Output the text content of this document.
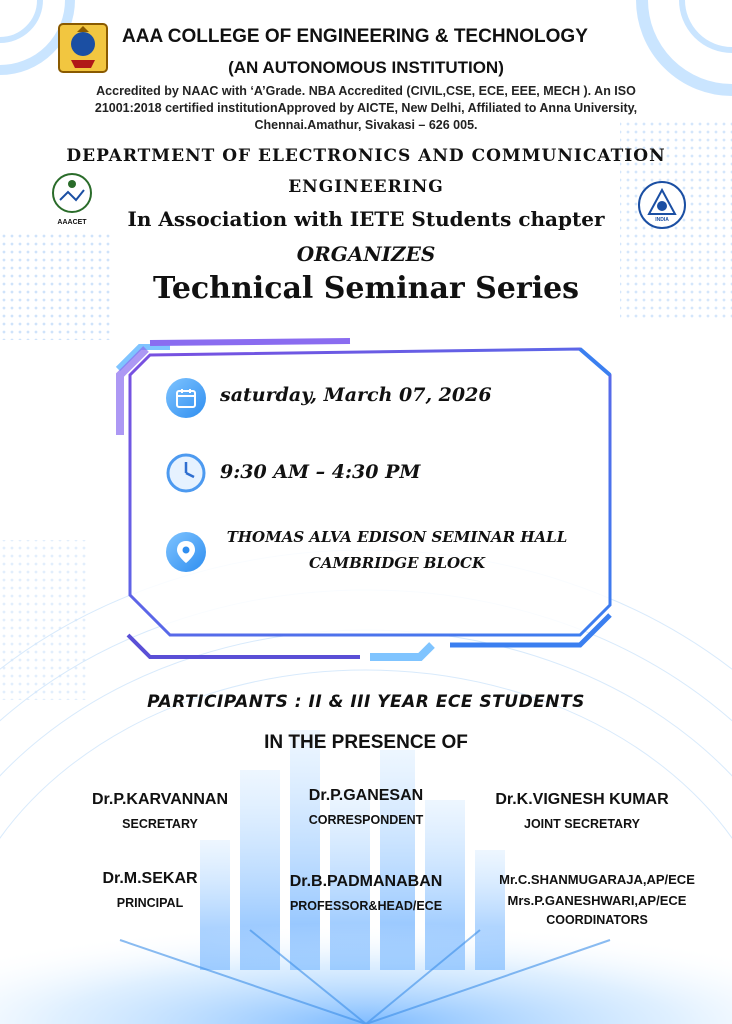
AAA COLLEGE OF ENGINEERING & TECHNOLOGY
(AN AUTONOMOUS INSTITUTION)
Accredited by NAAC with ‘A’Grade. NBA Accredited (CIVIL,CSE, ECE, EEE, MECH ). An ISO
21001:2018 certified institutionApproved by AICTE, New Delhi, Affiliated to Anna University,
Chennai.Amathur, Sivakasi – 626 005.
DEPARTMENT OF ELECTRONICS AND COMMUNICATION
ENGINEERING
AAACET	INDIA
In Association with IETE Students chapter
ORGANIZES
Technical Seminar Series
saturday, March 07, 2026
9:30 AM – 4:30 PM
THOMAS ALVA EDISON SEMINAR HALL
CAMBRIDGE BLOCK
PARTICIPANTS : II & III YEAR ECE STUDENTS
IN THE PRESENCE OF
Dr.P.KARVANNAN
SECRETARY
Dr.P.GANESAN
CORRESPONDENT
Dr.K.VIGNESH KUMAR
JOINT SECRETARY
Dr.M.SEKAR
PRINCIPAL
Dr.B.PADMANABAN
PROFESSOR&HEAD/ECE
Mr.C.SHANMUGARAJA,AP/ECE
Mrs.P.GANESHWARI,AP/ECE
COORDINATORS
